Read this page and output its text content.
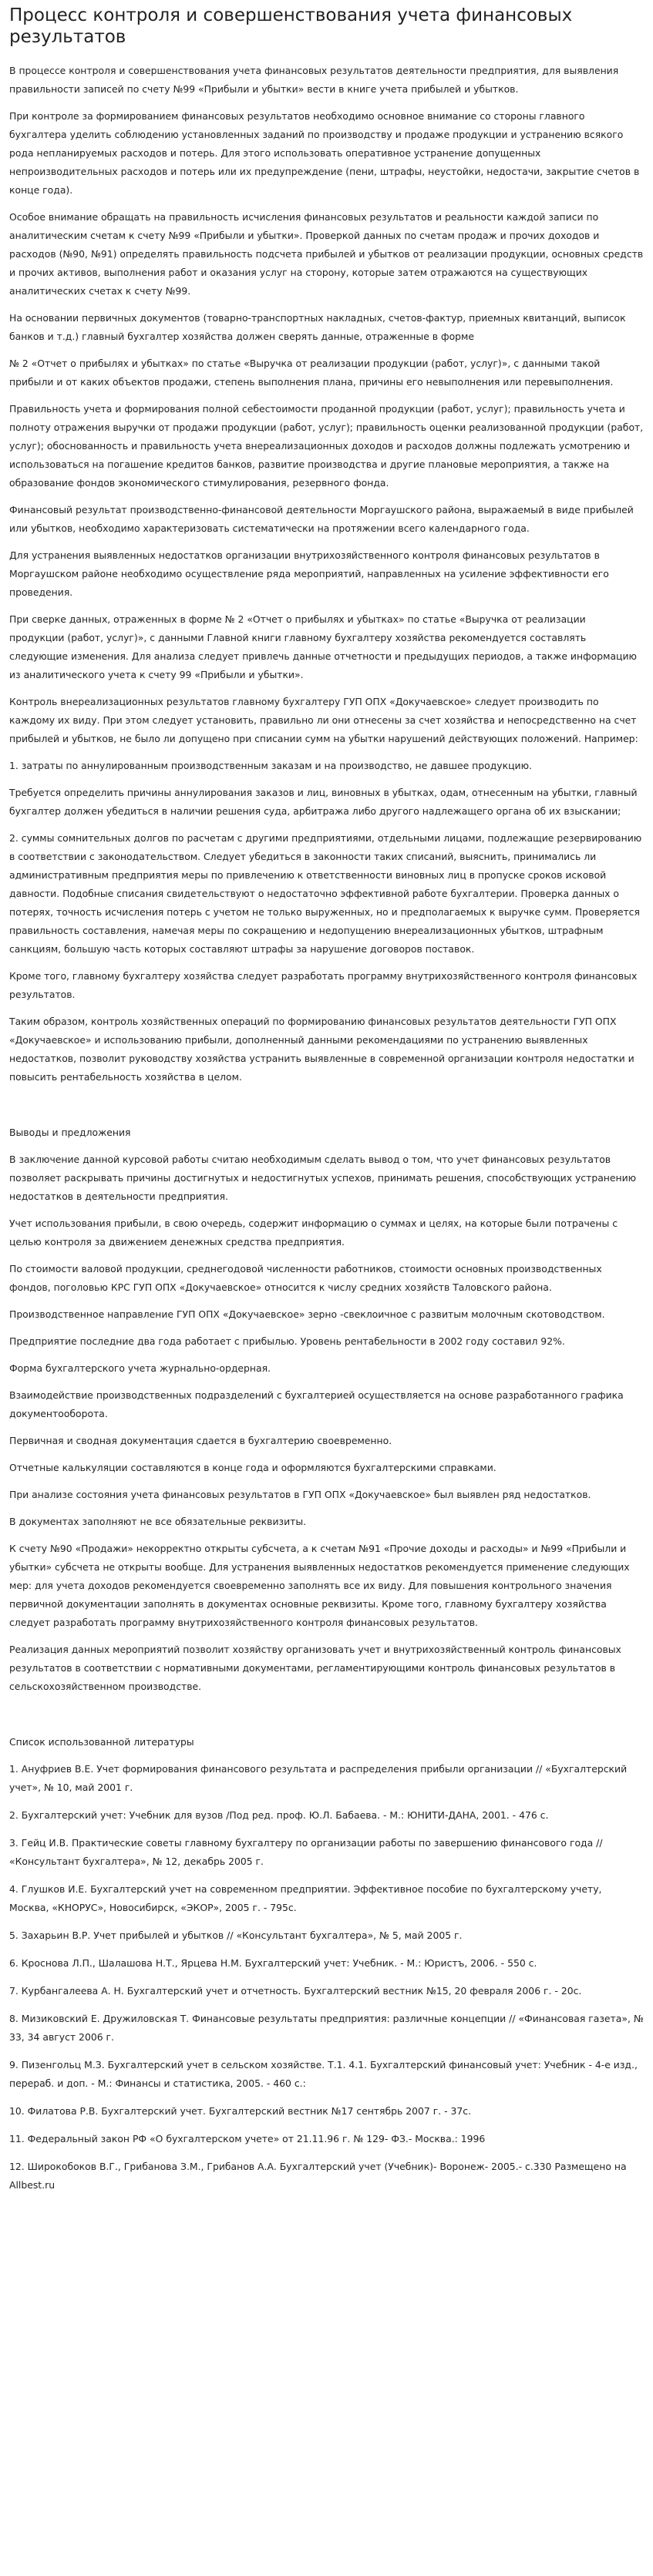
Процесс контроля и совершенствования учета финансовых результатов

В процессе контроля и совершенствования учета финансовых результатов деятельности предприятия, для выявления правильности записей по счету №99 «Прибыли и убытки» вести в книге учета прибылей и убытков.

При контроле за формированием финансовых результатов необходимо основное внимание со стороны главного бухгалтера уделить соблюдению установленных заданий по производству и продаже продукции и устранению всякого рода непланируемых расходов и потерь. Для этого использовать оперативное устранение допущенных непроизводительных расходов и потерь или их предупреждение (пени, штрафы, неустойки, недостачи, закрытие счетов в конце года).

Особое внимание обращать на правильность исчисления финансовых результатов и реальности каждой записи по аналитическим счетам к счету №99 «Прибыли и убытки». Проверкой данных по счетам продаж и прочих доходов и расходов (№90, №91) определять правильность подсчета прибылей и убытков от реализации продукции, основных средств и прочих активов, выполнения работ и оказания услуг на сторону, которые затем отражаются на существующих аналитических счетах к счету №99.

На основании первичных документов (товарно-транспортных накладных, счетов-фактур, приемных квитанций, выписок банков и т.д.) главный бухгалтер хозяйства должен сверять данные, отраженные в форме

№ 2 «Отчет о прибылях и убытках» по статье «Выручка от реализации продукции (работ, услуг)», с данными такой прибыли и от каких объектов продажи, степень выполнения плана, причины его невыполнения или перевыполнения.

Правильность учета и формирования полной себестоимости проданной продукции (работ, услуг); правильность учета и полноту отражения выручки от продажи продукции (работ, услуг); правильность оценки реализованной продукции (работ, услуг); обоснованность и правильность учета внереализационных доходов и расходов должны подлежать усмотрению и использоваться на погашение кредитов банков, развитие производства и другие плановые мероприятия, а также на образование фондов экономического стимулирования, резервного фонда.

Финансовый результат производственно-финансовой деятельности Моргаушского района, выражаемый в виде прибылей или убытков, необходимо характеризовать систематически на протяжении всего календарного года.

Для устранения выявленных недостатков организации внутрихозяйственного контроля финансовых результатов в Моргаушском районе необходимо осуществление ряда мероприятий, направленных на усиление эффективности его проведения.

При сверке данных, отраженных в форме № 2 «Отчет о прибылях и убытках» по статье «Выручка от реализации продукции (работ, услуг)», с данными Главной книги главному бухгалтеру хозяйства рекомендуется составлять следующие изменения. Для анализа следует привлечь данные отчетности и предыдущих периодов, а также информацию из аналитического учета к счету 99 «Прибыли и убытки».

Контроль внереализационных результатов главному бухгалтеру ГУП ОПХ «Докучаевское» следует производить по каждому их виду. При этом следует установить, правильно ли они отнесены за счет хозяйства и непосредственно на счет прибылей и убытков, не было ли допущено при списании сумм на убытки нарушений действующих положений. Например:

1. затраты по аннулированным производственным заказам и на производство, не давшее продукцию.

Требуется определить причины аннулирования заказов и лиц, виновных в убытках, одам, отнесенным на убытки, главный бухгалтер должен убедиться в наличии решения суда, арбитража либо другого надлежащего органа об их взыскании;

2. суммы сомнительных долгов по расчетам с другими предприятиями, отдельными лицами, подлежащие резервированию в соответствии с законодательством. Следует убедиться в законности таких списаний, выяснить, принимались ли административным предприятия меры по привлечению к ответственности виновных лиц в пропуске сроков исковой давности. Подобные списания свидетельствуют о недостаточно эффективной работе бухгалтерии. Проверка данных о потерях, точность исчисления потерь с учетом не только выруженных, но и предполагаемых к выручке сумм. Проверяется правильность составления, намечая меры по сокращению и недопущению внереализационных убытков, штрафным санкциям, большую часть которых составляют штрафы за нарушение договоров поставок.

Кроме того, главному бухгалтеру хозяйства следует разработать программу внутрихозяйственного контроля финансовых результатов.

Таким образом, контроль хозяйственных операций по формированию финансовых результатов деятельности ГУП ОПХ «Докучаевское» и использованию прибыли, дополненный данными рекомендациями по устранению выявленных недостатков, позволит руководству хозяйства устранить выявленные в современной организации контроля недостатки и повысить рентабельность хозяйства в целом.

Выводы и предложения

В заключение данной курсовой работы считаю необходимым сделать вывод о том, что учет финансовых результатов позволяет раскрывать причины достигнутых и недостигнутых успехов, принимать решения, способствующих устранению недостатков в деятельности предприятия.

Учет использования прибыли, в свою очередь, содержит информацию о суммах и целях, на которые были потрачены с целью контроля за движением денежных средства предприятия.

По стоимости валовой продукции, среднегодовой численности работников, стоимости основных производственных фондов, поголовью КРС ГУП ОПХ «Докучаевское» относится к числу средних хозяйств Таловского района.

Производственное направление ГУП ОПХ «Докучаевское» зерно -свеклоичное с развитым молочным скотоводством.

Предприятие последние два года работает с прибылью. Уровень рентабельности в 2002 году составил 92%.

Форма бухгалтерского учета журнально-ордерная.

Взаимодействие производственных подразделений с бухгалтерией осуществляется на основе разработанного графика документооборота.

Первичная и сводная документация сдается в бухгалтерию своевременно.

Отчетные калькуляции составляются в конце года и оформляются бухгалтерскими справками.

При анализе состояния учета финансовых результатов в ГУП ОПХ «Докучаевское» был выявлен ряд недостатков.

В документах заполняют не все обязательные реквизиты.

К счету №90 «Продажи» некорректно открыты субсчета, а к счетам №91 «Прочие доходы и расходы» и №99 «Прибыли и убытки» субсчета не открыты вообще. Для устранения выявленных недостатков рекомендуется применение следующих мер: для учета доходов рекомендуется своевременно заполнять все их виду. Для повышения контрольного значения первичной документации заполнять в документах основные реквизиты. Кроме того, главному бухгалтеру хозяйства следует разработать программу внутрихозяйственного контроля финансовых результатов.

Реализация данных мероприятий позволит хозяйству организовать учет и внутрихозяйственный контроль финансовых результатов в соответствии с нормативными документами, регламентирующими контроль финансовых результатов в сельскохозяйственном производстве.

Список использованной литературы

1. Ануфриев В.Е. Учет формирования финансового результата и распределения прибыли организации // «Бухгалтерский учет», № 10, май 2001 г.

2. Бухгалтерский учет: Учебник для вузов /Под ред. проф. Ю.Л. Бабаева. - М.: ЮНИТИ-ДАНА, 2001. - 476 с.

3. Гейц И.В. Практические советы главному бухгалтеру по организации работы по завершению финансового года // «Консультант бухгалтера», № 12, декабрь 2005 г.

4. Глушков И.Е. Бухгалтерский учет на современном предприятии. Эффективное пособие по бухгалтерскому учету, Москва, «КНОРУС», Новосибирск, «ЭКОР», 2005 г. - 795с.

5. Захарьин В.Р. Учет прибылей и убытков // «Консультант бухгалтера», № 5, май 2005 г.

6. Кроснова Л.П., Шалашова Н.Т., Ярцева Н.М. Бухгалтерский учет: Учебник. - М.: Юристъ, 2006. - 550 с.

7. Курбангалеева А. Н. Бухгалтерский учет и отчетность. Бухгалтерский вестник №15, 20 февраля 2006 г. - 20с.

8. Мизиковский Е. Дружиловская Т. Финансовые результаты предприятия: различные концепции // «Финансовая газета», № 33, 34 август 2006 г.

9. Пизенгольц М.З. Бухгалтерский учет в сельском хозяйстве. Т.1. 4.1. Бухгалтерский финансовый учет: Учебник - 4-е изд., перераб. и доп. - М.: Финансы и статистика, 2005. - 460 с.:

10. Филатова Р.В. Бухгалтерский учет. Бухгалтерский вестник №17 сентябрь 2007 г. - 37с.

11. Федеральный закон РФ «О бухгалтерском учете» от 21.11.96 г. № 129- ФЗ.- Москва.: 1996

12. Широкобоков В.Г., Грибанова З.М., Грибанов А.А. Бухгалтерский учет (Учебник)- Воронеж- 2005.- с.330 Размещено на Allbest.ru
